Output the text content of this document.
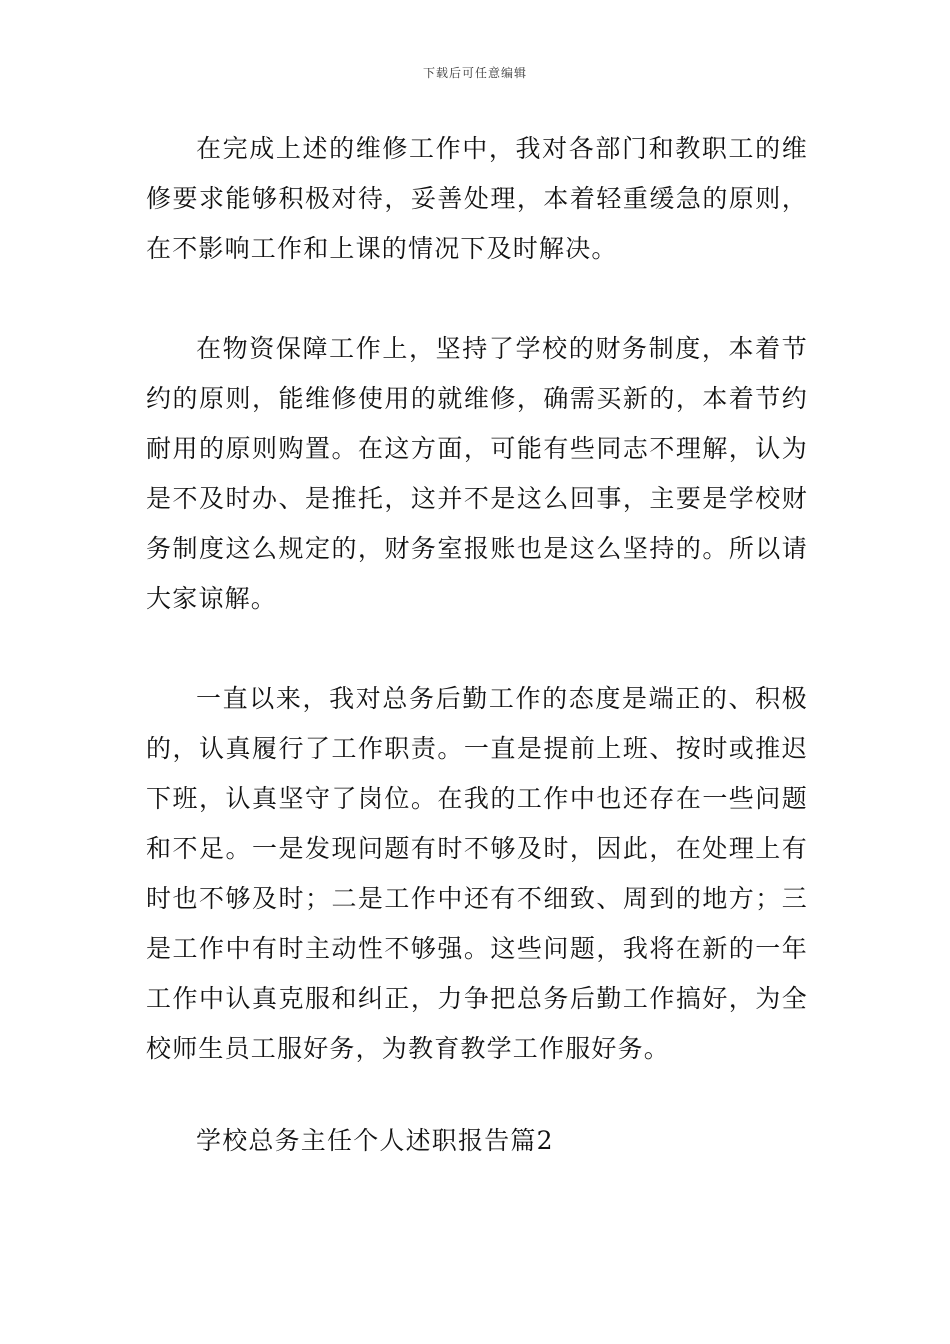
下载后可任意编辑

在完成上述的维修工作中，我对各部门和教职工的维修要求能够积极对待，妥善处理，本着轻重缓急的原则，在不影响工作和上课的情况下及时解决。

在物资保障工作上，坚持了学校的财务制度，本着节约的原则，能维修使用的就维修，确需买新的，本着节约耐用的原则购置。在这方面，可能有些同志不理解，认为是不及时办、是推托，这并不是这么回事，主要是学校财务制度这么规定的，财务室报账也是这么坚持的。所以请大家谅解。

一直以来，我对总务后勤工作的态度是端正的、积极的，认真履行了工作职责。一直是提前上班、按时或推迟下班，认真坚守了岗位。在我的工作中也还存在一些问题和不足。一是发现问题有时不够及时，因此，在处理上有时也不够及时；二是工作中还有不细致、周到的地方；三是工作中有时主动性不够强。这些问题，我将在新的一年工作中认真克服和纠正，力争把总务后勤工作搞好，为全校师生员工服好务，为教育教学工作服好务。

学校总务主任个人述职报告篇2
